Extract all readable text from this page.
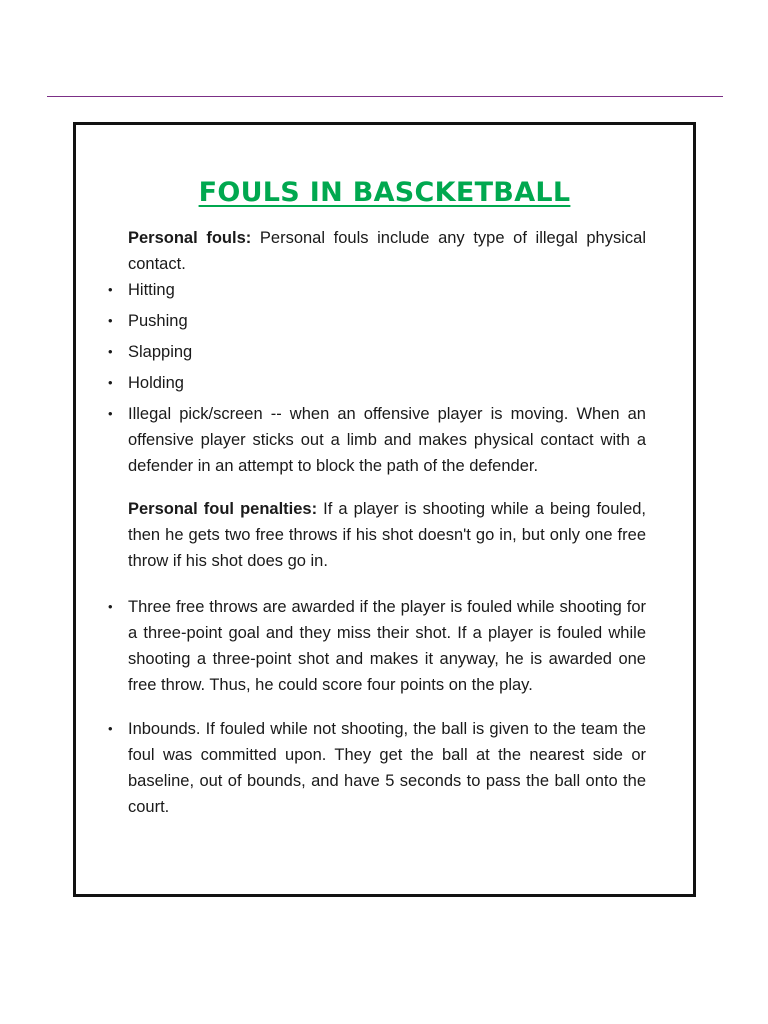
FOULS IN BASCKETBALL

Personal fouls: Personal fouls include any type of illegal physical contact.

• Hitting
• Pushing
• Slapping
• Holding
• Illegal pick/screen -- when an offensive player is moving. When an offensive player sticks out a limb and makes physical contact with a defender in an attempt to block the path of the defender.

Personal foul penalties: If a player is shooting while a being fouled, then he gets two free throws if his shot doesn't go in, but only one free throw if his shot does go in.

• Three free throws are awarded if the player is fouled while shooting for a three-point goal and they miss their shot. If a player is fouled while shooting a three-point shot and makes it anyway, he is awarded one free throw. Thus, he could score four points on the play.
• Inbounds. If fouled while not shooting, the ball is given to the team the foul was committed upon. They get the ball at the nearest side or baseline, out of bounds, and have 5 seconds to pass the ball onto the court.
